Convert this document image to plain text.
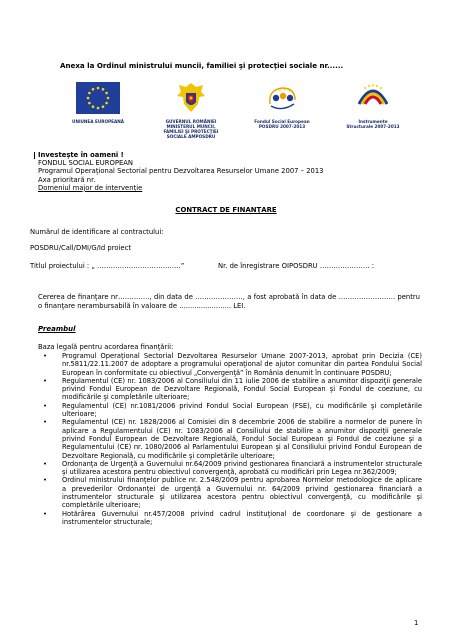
Anexa la Ordinul ministrului muncii, familiei şi protecţiei sociale nr......
UNIUNEA EUROPEANĂ	GUVERNUL ROMÂNIEI MINISTERUL MUNCII, FAMILIEI ŞI PROTECŢIEI SOCIALE AMPOSDRU
Fondul Social European POSDRU 2007-2013
Instrumente Structurale 2007-2013
Investeşte în oameni !
FONDUL SOCIAL EUROPEAN
Programul Operaţional Sectorial pentru Dezvoltarea Resurselor Umane 2007 – 2013
Axa prioritară nr.
Domeniul major de intervenţie
CONTRACT DE FINANŢARE
Numărul de identificare al contractului:
POSDRU/Call/DMI/G/Id proiect
Titlul proiectului : „ ……………………………….”	Nr. de înregistrare OIPOSDRU …………………. :
Cererea de finanţare nr………….., din data de …………………, a fost aprobată în data de ……………………. pentru o finanţare nerambursabilă în valoare de ........................ LEI.
Preambul
Baza legală pentru acordarea finanţării:
• Programul Operaţional Sectorial Dezvoltarea Resurselor Umane 2007-2013, aprobat prin Decizia (CE) nr.5811/22.11.2007 de adoptare a programului operaţional de ajutor comunitar din partea Fondului Social European în conformitate cu obiectivul „Convergenţă” în România denumit în continuare POSDRU;
• Regulamentul (CE) nr. 1083/2006 al Consiliului din 11 iulie 2006 de stabilire a anumitor dispoziţii generale privind Fondul European de Dezvoltare Regională, Fondul Social European şi Fondul de coeziune, cu modificările şi completările ulterioare;
• Regulamentul (CE) nr.1081/2006 privind Fondul Social European (FSE), cu modificările şi completările ulterioare;
• Regulamentul (CE) nr. 1828/2006 al Comisiei din 8 decembrie 2006 de stabilire a normelor de punere în aplicare a Regulamentului (CE) nr. 1083/2006 al Consiliului de stabilire a anumitor dispoziţii generale privind Fondul European de Dezvoltare Regională, Fondul Social European şi Fondul de coeziune şi a Regulamentului (CE) nr. 1080/2006 al Parlamentului European şi al Consiliului privind Fondul European de Dezvoltare Regională, cu modificările şi completările ulterioare;
• Ordonanţa de Urgenţă a Guvernului nr.64/2009 privind gestionarea financiară a instrumentelor structurale şi utilizarea acestora pentru obiectivul convergenţă, aprobată cu modificări prin Legea nr.362/2009;
• Ordinul ministrului finanţelor publice nr. 2.548/2009 pentru aprobarea Normelor metodologice de aplicare a prevederilor Ordonanţei de urgenţă a Guvernului nr. 64/2009 privind gestionarea financiară a instrumentelor structurale şi utilizarea acestora pentru obiectivul convergenţă, cu modificările şi completările ulterioare;
• Hotărârea Guvernului nr.457/2008 privind cadrul instituţional de coordonare şi de gestionare a instrumentelor structurale;
1
